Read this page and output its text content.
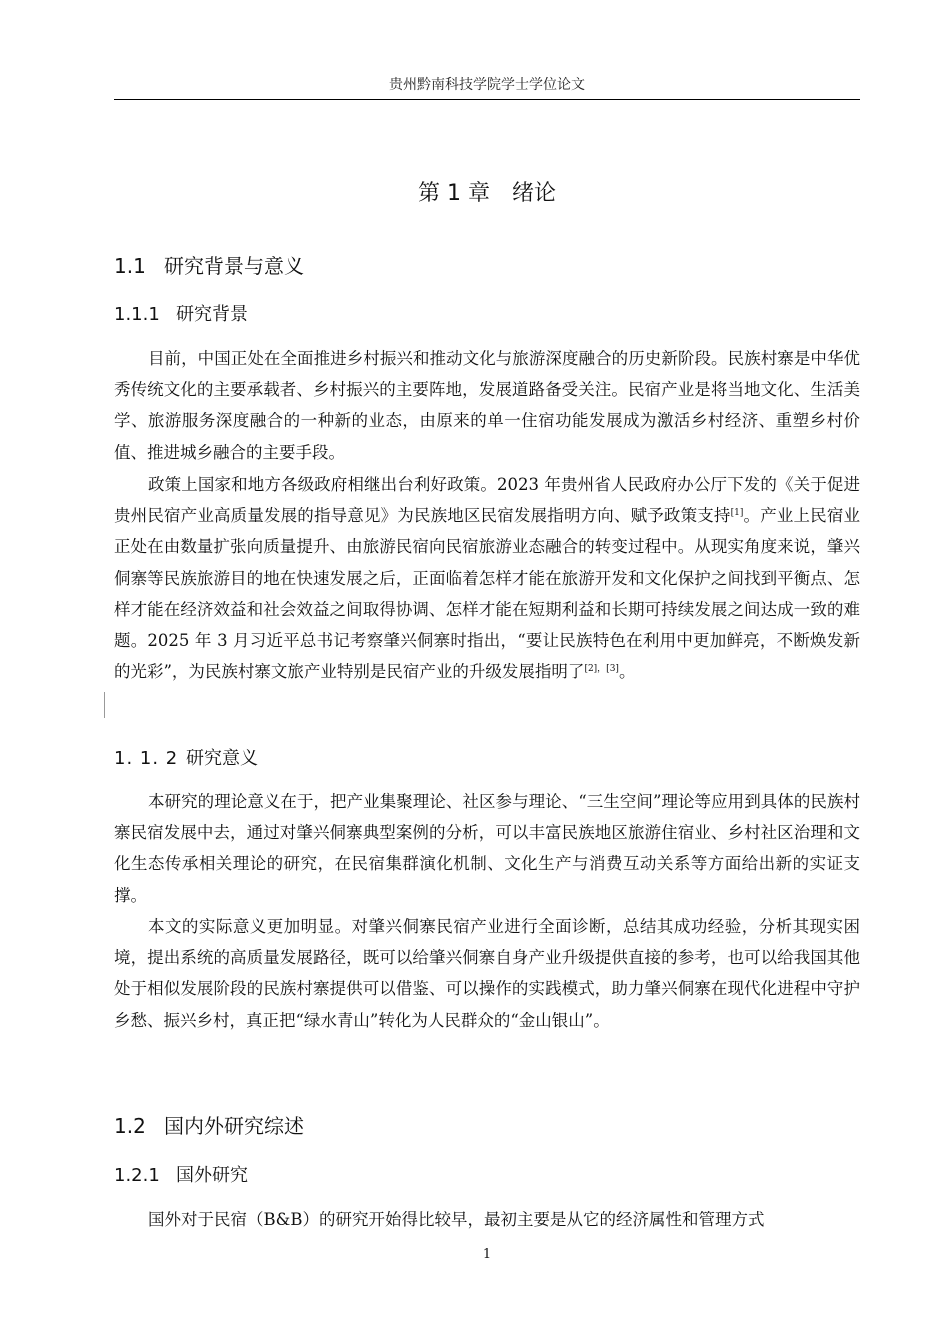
贵州黔南科技学院学士学位论文
第 1 章　绪论
1.1 研究背景与意义
1.1.1 研究背景

目前，中国正处在全面推进乡村振兴和推动文化与旅游深度融合的历史新阶段。民族村寨是中华优秀传统文化的主要承载者、乡村振兴的主要阵地，发展道路备受关注。民宿产业是将当地文化、生活美学、旅游服务深度融合的一种新的业态，由原来的单一住宿功能发展成为激活乡村经济、重塑乡村价值、推进城乡融合的主要手段。

政策上国家和地方各级政府相继出台利好政策。2023 年贵州省人民政府办公厅下发的《关于促进贵州民宿产业高质量发展的指导意见》为民族地区民宿发展指明方向、赋予政策支持[1]。产业上民宿业正处在由数量扩张向质量提升、由旅游民宿向民宿旅游业态融合的转变过程中。从现实角度来说，肇兴侗寨等民族旅游目的地在快速发展之后，正面临着怎样才能在旅游开发和文化保护之间找到平衡点、怎样才能在经济效益和社会效益之间取得协调、怎样才能在短期利益和长期可持续发展之间达成一致的难题。2025 年 3 月习近平总书记考察肇兴侗寨时指出，“要让民族特色在利用中更加鲜亮，不断焕发新的光彩”，为民族村寨文旅产业特别是民宿产业的升级发展指明了[2]，[3]。

1. 1. 2 研究意义

本研究的理论意义在于，把产业集聚理论、社区参与理论、“三生空间”理论等应用到具体的民族村寨民宿发展中去，通过对肇兴侗寨典型案例的分析，可以丰富民族地区旅游住宿业、乡村社区治理和文化生态传承相关理论的研究，在民宿集群演化机制、文化生产与消费互动关系等方面给出新的实证支撑。

本文的实际意义更加明显。对肇兴侗寨民宿产业进行全面诊断，总结其成功经验，分析其现实困境，提出系统的高质量发展路径，既可以给肇兴侗寨自身产业升级提供直接的参考，也可以给我国其他处于相似发展阶段的民族村寨提供可以借鉴、可以操作的实践模式，助力肇兴侗寨在现代化进程中守护乡愁、振兴乡村，真正把“绿水青山”转化为人民群众的“金山银山”。

1.2 国内外研究综述
1.2.1 国外研究

国外对于民宿（B&B）的研究开始得比较早，最初主要是从它的经济属性和管理方式

1
